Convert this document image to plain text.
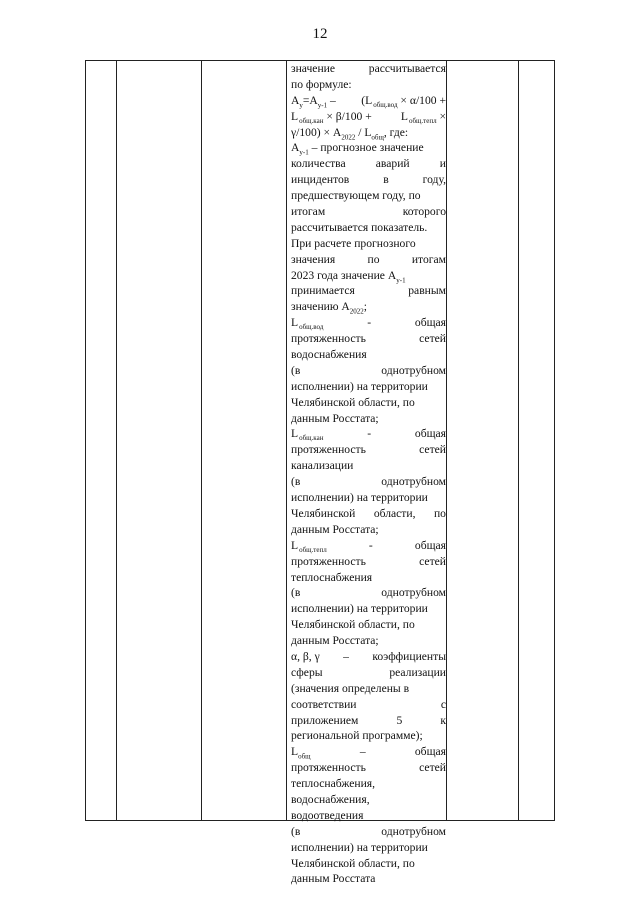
12
значение	рассчитывается
по формуле:
$A_y=A_{y-1}$ – (Lобщ.вод × α/100 +
Lобщ.кан × β/100 +	Lобщ.тепл ×
$\gamma/100) \times A_{2022} / L_{общ}$, где:
$A_{y-1}$ – прогнозное значение
количества	аварий	и
инцидентов	в	году,
предшествующем году, по
итогам	которого
рассчитывается показатель.
При расчете прогнозного
значения	по	итогам
2023 года значение $A_{y-1}$
принимается	равным
значению $A_{2022}$;
Lобщ.вод	-	общая
протяженность	сетей
водоснабжения
(в	однотрубном
исполнении) на территории
Челябинской области, по
данным Росстата;
Lобщ.кан	-	общая
протяженность	сетей
канализации
(в	однотрубном
исполнении) на территории
Челябинской области, по
данным Росстата;
Lобщ.тепл	-	общая
протяженность	сетей
теплоснабжения
(в	однотрубном
исполнении) на территории
Челябинской области, по
данным Росстата;
α, β, γ – коэффициенты
сферы	реализации
(значения определены в
соответствии	с
приложением	5	к
региональной программе);
$L_{общ}$	–	общая
протяженность	сетей
теплоснабжения,
водоснабжения,
водоотведения
(в	однотрубном
исполнении) на территории
Челябинской области, по
данным Росстата
